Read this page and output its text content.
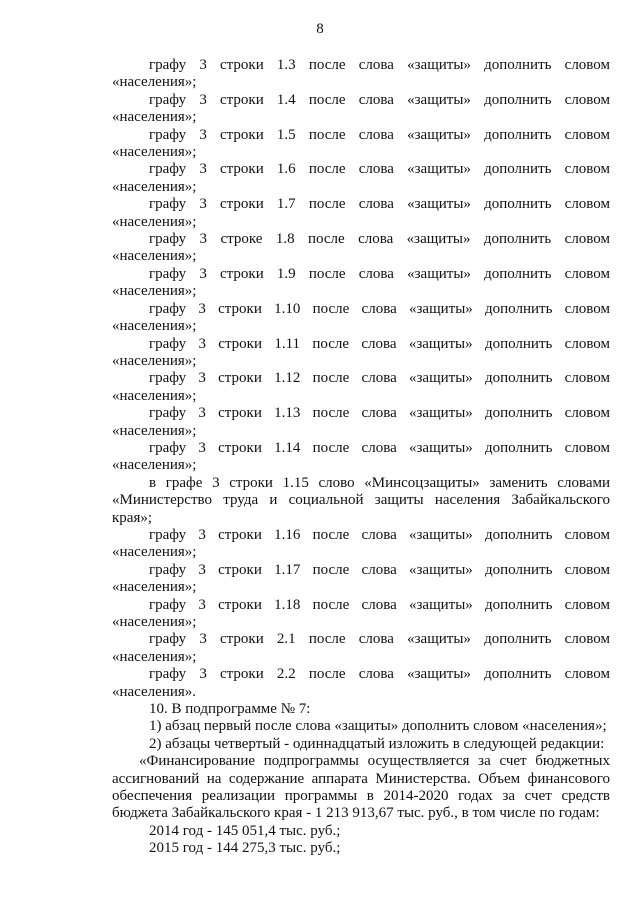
8

графу 3 строки 1.3 после слова «защиты» дополнить словом «населения»;

графу 3 строки 1.4 после слова «защиты» дополнить словом «населения»;

графу 3 строки 1.5 после слова «защиты» дополнить словом «населения»;

графу 3 строки 1.6 после слова «защиты» дополнить словом «населения»;

графу 3 строки 1.7 после слова «защиты» дополнить словом «населения»;

графу 3 строке 1.8 после слова «защиты» дополнить словом «населения»;

графу 3 строки 1.9 после слова «защиты» дополнить словом «населения»;

графу 3 строки 1.10 после слова «защиты» дополнить словом «населения»;

графу 3 строки 1.11 после слова «защиты» дополнить словом «населения»;

графу 3 строки 1.12 после слова «защиты» дополнить словом «населения»;

графу 3 строки 1.13 после слова «защиты» дополнить словом «населения»;

графу 3 строки 1.14 после слова «защиты» дополнить словом «населения»;

в графе 3 строки 1.15 слово «Минсоцзащиты» заменить словами «Министерство труда и социальной защиты населения Забайкальского края»;

графу 3 строки 1.16 после слова «защиты» дополнить словом «населения»;

графу 3 строки 1.17 после слова «защиты» дополнить словом «населения»;

графу 3 строки 1.18 после слова «защиты» дополнить словом «населения»;

графу 3 строки 2.1 после слова «защиты» дополнить словом «населения»;

графу 3 строки 2.2 после слова «защиты» дополнить словом «населения».

10. В подпрограмме № 7:

1) абзац первый после слова «защиты» дополнить словом «населения»;

2) абзацы четвертый - одиннадцатый изложить в следующей редакции:

«Финансирование подпрограммы осуществляется за счет бюджетных ассигнований на содержание аппарата Министерства. Объем финансового обеспечения реализации программы в 2014-2020 годах за счет средств бюджета Забайкальского края - 1 213 913,67 тыс. руб., в том числе по годам:

2014 год - 145 051,4 тыс. руб.;

2015 год - 144 275,3 тыс. руб.;
